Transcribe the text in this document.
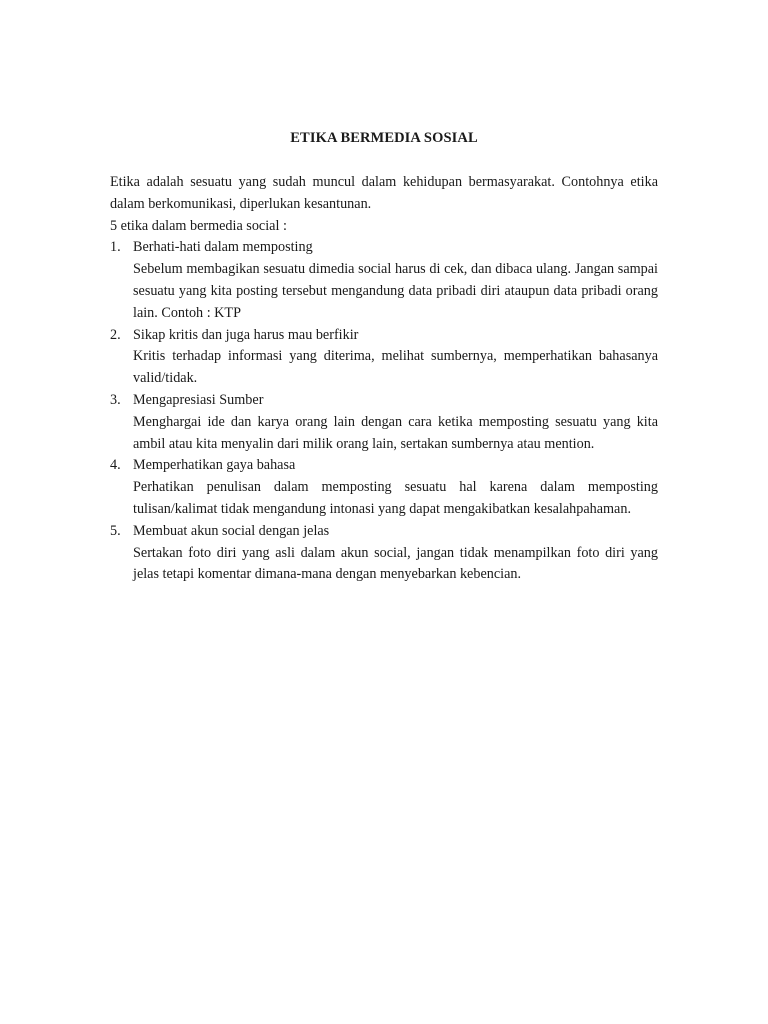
ETIKA BERMEDIA SOSIAL

Etika adalah sesuatu yang sudah muncul dalam kehidupan bermasyarakat. Contohnya etika dalam berkomunikasi, diperlukan kesantunan.

5 etika dalam bermedia social :

1. Berhati-hati dalam memposting
Sebelum membagikan sesuatu dimedia social harus di cek, dan dibaca ulang. Jangan sampai sesuatu yang kita posting tersebut mengandung data pribadi diri ataupun data pribadi orang lain. Contoh : KTP
2. Sikap kritis dan juga harus mau berfikir
Kritis terhadap informasi yang diterima, melihat sumbernya, memperhatikan bahasanya valid/tidak.
3. Mengapresiasi Sumber
Menghargai ide dan karya orang lain dengan cara ketika memposting sesuatu yang kita ambil atau kita menyalin dari milik orang lain, sertakan sumbernya atau mention.
4. Memperhatikan gaya bahasa
Perhatikan penulisan dalam memposting sesuatu hal karena dalam memposting tulisan/kalimat tidak mengandung intonasi yang dapat mengakibatkan kesalahpahaman.
5. Membuat akun social dengan jelas
Sertakan foto diri yang asli dalam akun social, jangan tidak menampilkan foto diri yang jelas tetapi komentar dimana-mana dengan menyebarkan kebencian.
